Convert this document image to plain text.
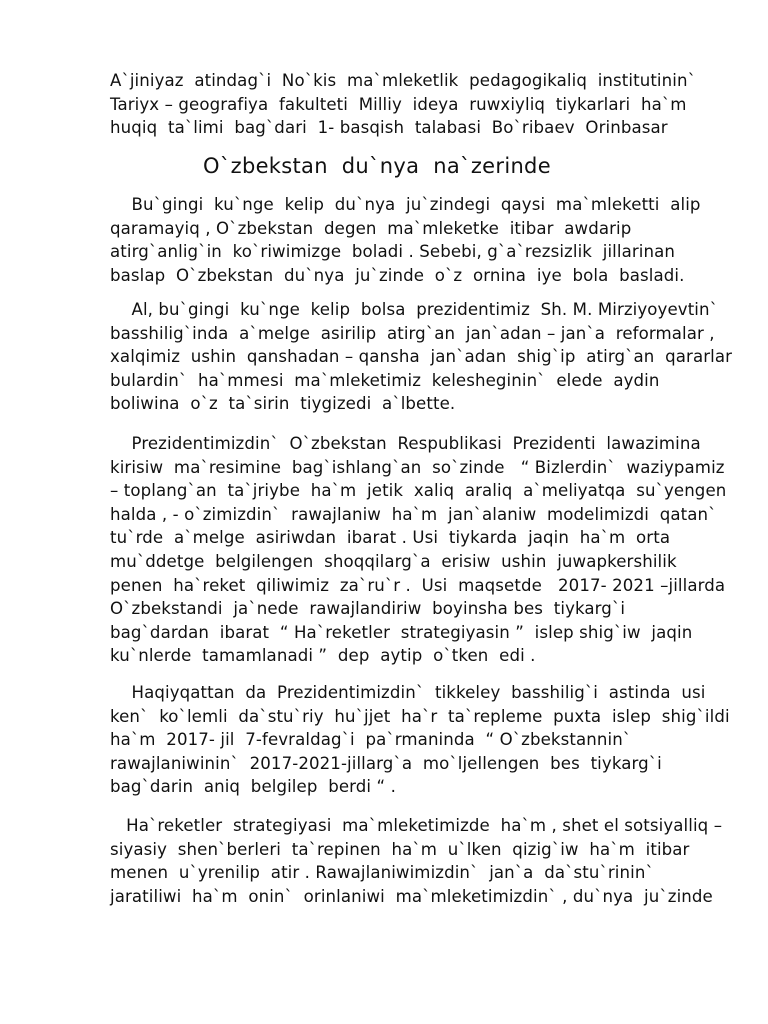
A`jiniyaz  atindag`i  No`kis  ma`mleketlik  pedagogikaliq  institutinin`
Tariyx – geografiya  fakulteti  Milliy  ideya  ruwxiyliq  tiykarlari  ha`m
huqiq  ta`limi  bag`dari  1- basqish  talabasi  Bo`ribaev  Orinbasar
O`zbekstan  du`nya  na`zerinde
Bu`gingi  ku`nge  kelip  du`nya  ju`zindegi  qaysi  ma`mleketti  alip
qaramayiq , O`zbekstan  degen  ma`mleketke  itibar  awdarip
atirg`anlig`in  ko`riwimizge  boladi . Sebebi, g`a`rezsizlik  jillarinan
baslap  O`zbekstan  du`nya  ju`zinde  o`z  ornina  iye  bola  basladi.
Al, bu`gingi  ku`nge  kelip  bolsa  prezidentimiz  Sh. M. Mirziyoyevtin`
basshilig`inda  a`melge  asirilip  atirg`an  jan`adan – jan`a  reformalar ,
xalqimiz  ushin  qanshadan – qansha  jan`adan  shig`ip  atirg`an  qararlar
bulardin`  ha`mmesi  ma`mleketimiz  kelesheginin`  elede  aydin
boliwina  o`z  ta`sirin  tiygizedi  a`lbette.
Prezidentimizdin`  O`zbekstan  Respublikasi  Prezidenti  lawazimina
kirisiw  ma`resimine  bag`ishlang`an  so`zinde   “ Bizlerdin`  waziypamiz
– toplang`an  ta`jriybe  ha`m  jetik  xaliq  araliq  a`meliyatqa  su`yengen
halda , - o`zimizdin`  rawajlaniw  ha`m  jan`alaniw  modelimizdi  qatan`
tu`rde  a`melge  asiriwdan  ibarat . Usi  tiykarda  jaqin  ha`m  orta
mu`ddetge  belgilengen  shoqqilarg`a  erisiw  ushin  juwapkershilik
penen  ha`reket  qiliwimiz  za`ru`r .  Usi  maqsetde   2017- 2021 –jillarda
O`zbekstandi  ja`nede  rawajlandiriw  boyinsha bes  tiykarg`i
bag`dardan  ibarat  “ Ha`reketler  strategiyasin ”  islep shig`iw  jaqin
ku`nlerde  tamamlanadi ”  dep  aytip  o`tken  edi .
Haqiyqattan  da  Prezidentimizdin`  tikkeley  basshilig`i  astinda  usi
ken`  ko`lemli  da`stu`riy  hu`jjet  ha`r  ta`repleme  puxta  islep  shig`ildi
ha`m  2017- jil  7-fevraldag`i  pa`rmaninda  “ O`zbekstannin`
rawajlaniwinin`  2017-2021-jillarg`a  mo`ljellengen  bes  tiykarg`i
bag`darin  aniq  belgilep  berdi “ .
Ha`reketler  strategiyasi  ma`mleketimizde  ha`m , shet el sotsiyalliq –
siyasiy  shen`berleri  ta`repinen  ha`m  u`lken  qizig`iw  ha`m  itibar
menen  u`yrenilip  atir . Rawajlaniwimizdin`  jan`a  da`stu`rinin`
jaratiliwi  ha`m  onin`  orinlaniwi  ma`mleketimizdin` , du`nya  ju`zinde
